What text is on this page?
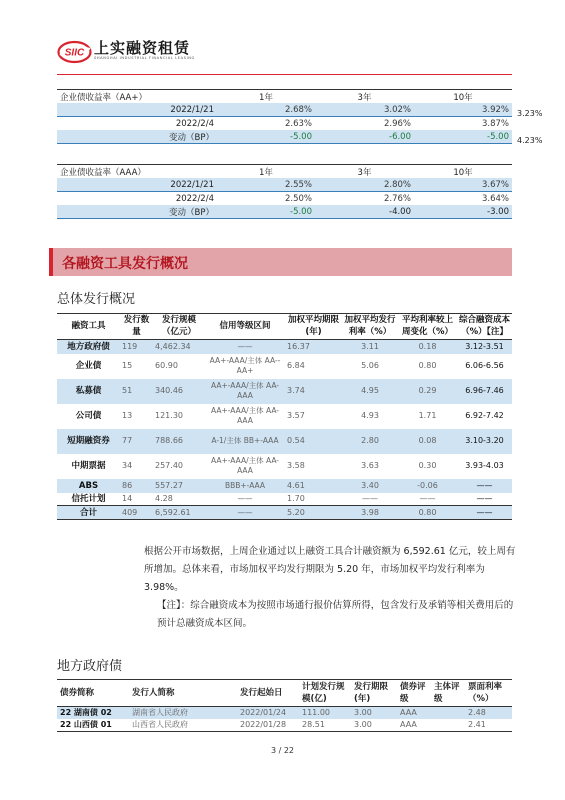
SIIC 上实融资租赁
SHANGHAI INDUSTRIAL FINANCIAL LEASING
企业债收益率（AA+）	1年	3年	10年
2022/1/21	2.68%	3.02%	3.92%
2022/2/4	2.63%	2.96%	3.87%
变动（BP）	-5.00	-6.00	-5.00
3.23%
4.23%
企业债收益率（AAA）	1年	3年	10年
2022/1/21	2.55%	2.80%	3.67%
2022/2/4	2.50%	2.76%	3.64%
变动（BP）	-5.00	-4.00	-3.00
各融资工具发行概况
总体发行概况
融资工具	发行数量	发行规模（亿元）	信用等级区间	加权平均期限(年)	加权平均发行利率（%）	平均利率较上周变化（%）	综合融资成本（%）【注】
地方政府债	119	4,462.34	——	16.37	3.11	0.18	3.12-3.51
企业债	15	60.90	AA+-AAA/主体 AA--AA+	6.84	5.06	0.80	6.06-6.56
私募债	51	340.46	AA+-AAA/主体 AA-AAA	3.74	4.95	0.29	6.96-7.46
公司债	13	121.30	AA+-AAA/主体 AA-AAA	3.57	4.93	1.71	6.92-7.42
短期融资券	77	788.66	A-1/主体 BB+-AAA	0.54	2.80	0.08	3.10-3.20
中期票据	34	257.40	AA+-AAA/主体 AA-AAA	3.58	3.63	0.30	3.93-4.03
ABS	86	557.27	BBB+-AAA	4.61	3.40	-0.06	——
信托计划	14	4.28	——	1.70	——	——	——
合计	409	6,592.61	——	5.20	3.98	0.80	——
根据公开市场数据，上周企业通过以上融资工具合计融资额为 6,592.61 亿元，较上周有所增加。总体来看，市场加权平均发行期限为 5.20 年，市场加权平均发行利率为 3.98%。
【注】：综合融资成本为按照市场通行报价估算所得，包含发行及承销等相关费用后的预计总融资成本区间。
地方政府债
债券简称	发行人简称	发行起始日	计划发行规模(亿)	发行期限(年)	债券评级	主体评级	票面利率（%）
22 湖南债 02	湖南省人民政府	2022/01/24	111.00	3.00	AAA		2.48
22 山西债 01	山西省人民政府	2022/01/28	28.51	3.00	AAA		2.41
3 / 22
